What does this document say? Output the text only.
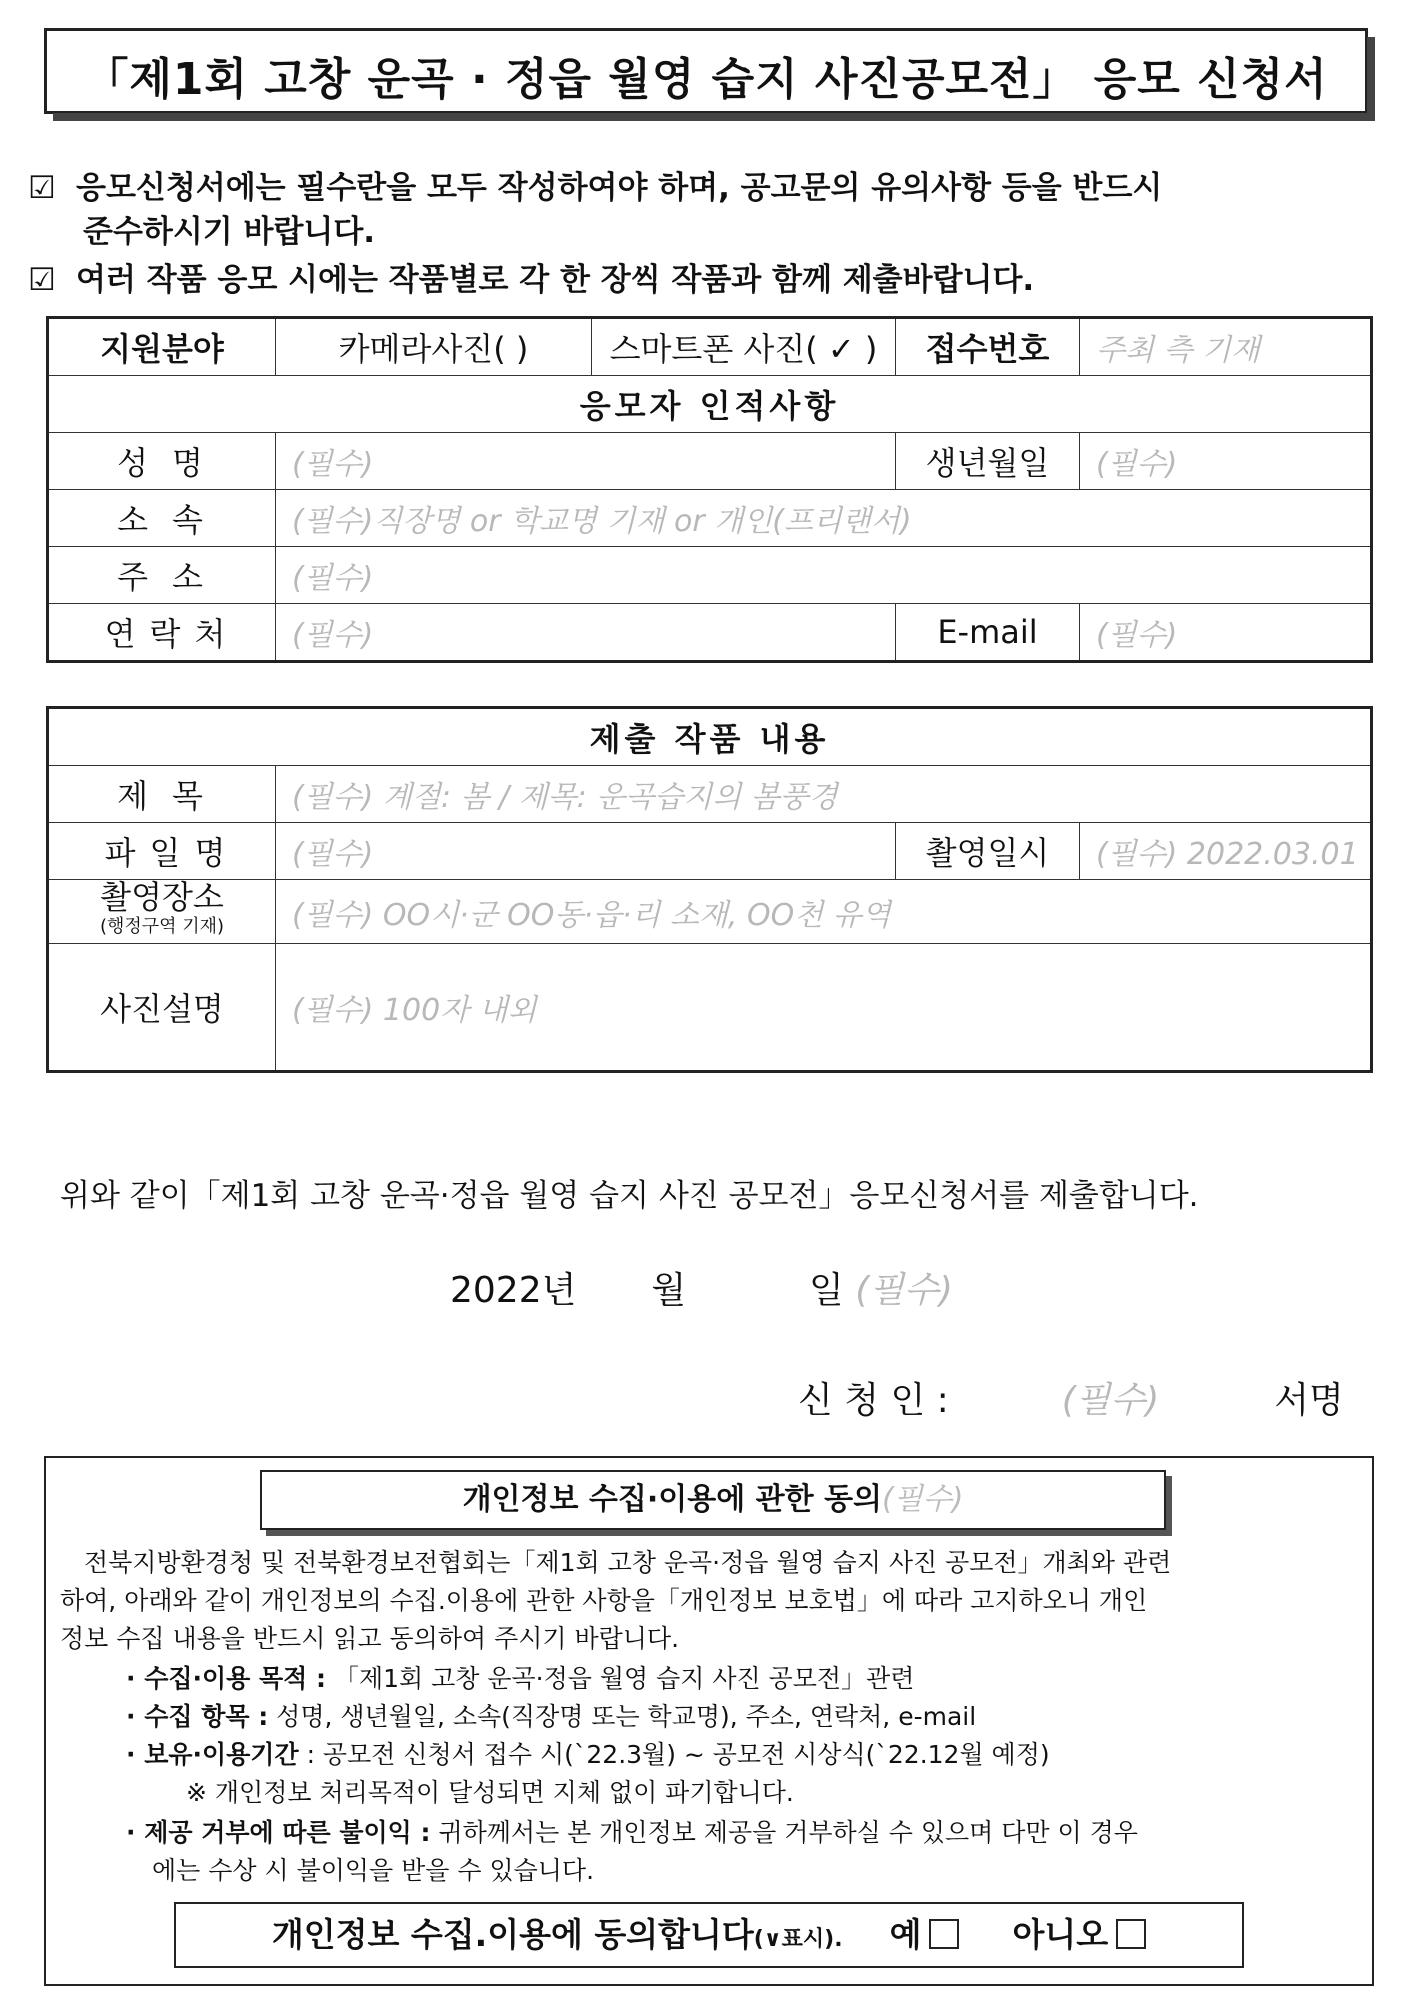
「제1회 고창 운곡 · 정읍 월영 습지 사진공모전」 응모 신청서
☑ 응모신청서에는 필수란을 모두 작성하여야 하며, 공고문의 유의사항 등을 반드시
준수하시기 바랍니다.
☑ 여러 작품 응모 시에는 작품별로 각 한 장씩 작품과 함께 제출바랍니다.
지원분야	카메라사진( )	스마트폰 사진( ✓ )	접수번호	주최 측 기재
응모자 인적사항				
성명	(필수)		생년월일	(필수)
소속	(필수)직장명 or 학교명 기재 or 개인(프리랜서)			
주소	(필수)			
연락처	(필수)		E-mail	(필수)
제출 작품 내용			
제목	(필수) 계절: 봄 / 제목: 운곡습지의 봄풍경		
파일명	(필수)	촬영일시	(필수) 2022.03.01
촬영장소
(행정구역 기재)	(필수) OO시·군 OO동·읍·리 소재, OO천 유역		
사진설명	(필수) 100자 내외		
위와 같이「제1회 고창 운곡·정읍 월영 습지 사진 공모전」응모신청서를 제출합니다.
2022년 월	일 (필수)
신 청 인 :	(필수)	서명
개인정보 수집·이용에 관한 동의(필수)
전북지방환경청 및 전북환경보전협회는「제1회 고창 운곡·정읍 월영 습지 사진 공모전」개최와 관련
하여, 아래와 같이 개인정보의 수집.이용에 관한 사항을「개인정보 보호법」에 따라 고지하오니 개인
정보 수집 내용을 반드시 읽고 동의하여 주시기 바랍니다.
· 수집·이용 목적 : 「제1회 고창 운곡·정읍 월영 습지 사진 공모전」관련
· 수집 항목 : 성명, 생년월일, 소속(직장명 또는 학교명), 주소, 연락처, e-mail
· 보유·이용기간 : 공모전 신청서 접수 시(`22.3월) ~ 공모전 시상식(`22.12월 예정)
※ 개인정보 처리목적이 달성되면 지체 없이 파기합니다.
· 제공 거부에 따른 불이익 : 귀하께서는 본 개인정보 제공을 거부하실 수 있으며 다만 이 경우
에는 수상 시 불이익을 받을 수 있습니다.
개인정보 수집.이용에 동의합니다(∨표시). 예	아니오
